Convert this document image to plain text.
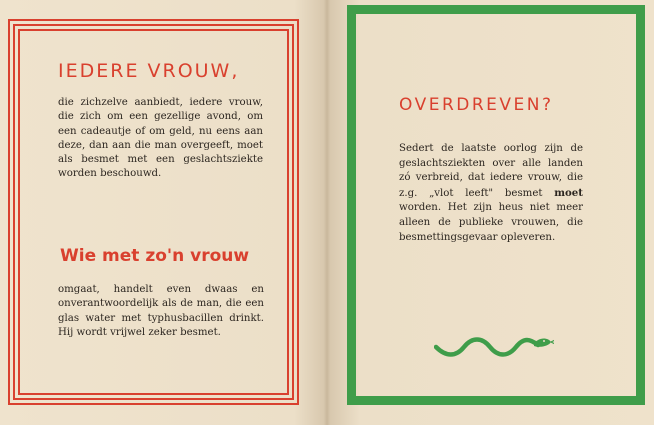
IEDERE VROUW,

die zichzelve aanbiedt, iedere vrouw, die zich om een gezellige avond, om een cadeautje of om geld, nu eens aan deze, dan aan die man overgeeft, moet als besmet met een geslachtsziekte worden beschouwd.

Wie met zo'n vrouw

omgaat, handelt even dwaas en onverantwoordelijk als de man, die een glas water met typhusbacillen drinkt. Hij wordt vrijwel zeker besmet.

OVERDREVEN?

Sedert de laatste oorlog zijn de geslachtsziekten over alle landen zó verbreid, dat iedere vrouw, die z.g. „vlot leeft" besmet moet worden. Het zijn heus niet meer alleen de publieke vrouwen, die besmettingsgevaar opleveren.
